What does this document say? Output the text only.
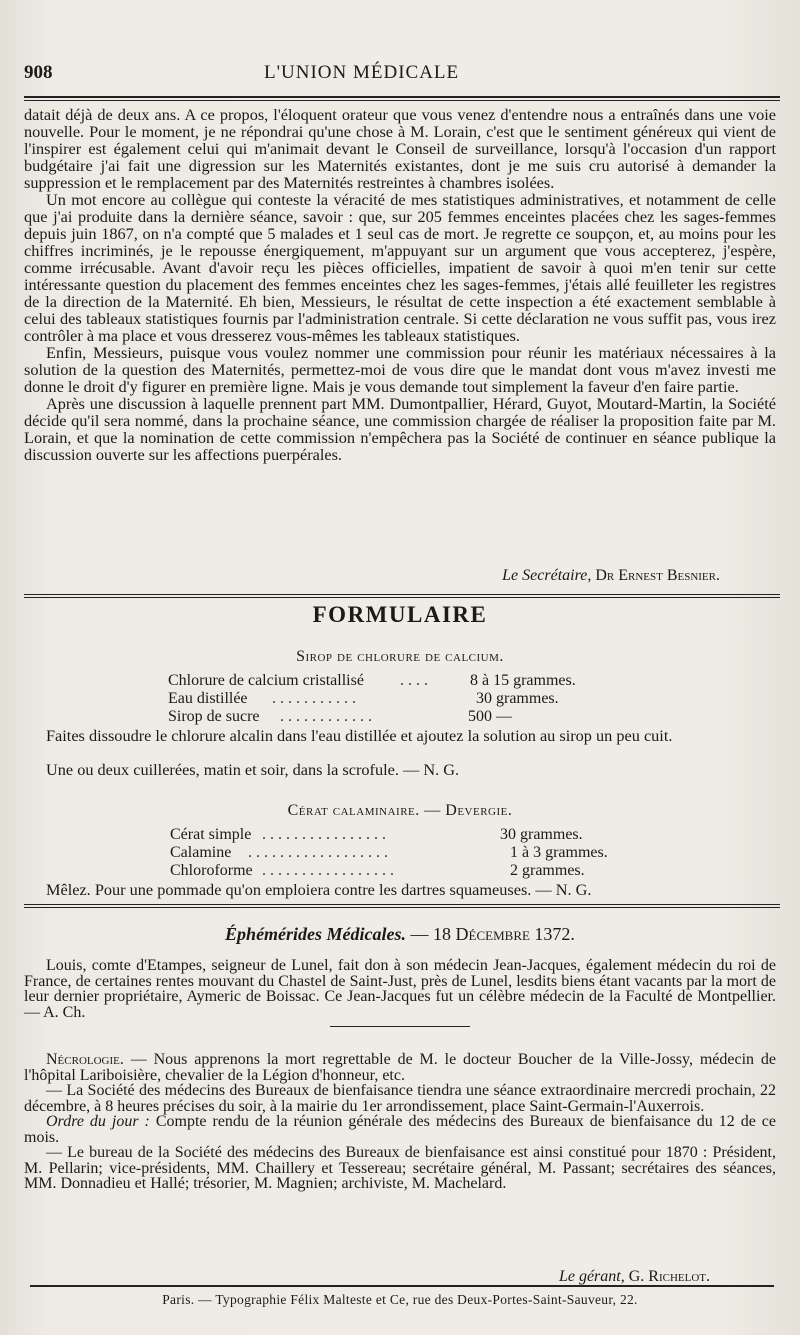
908	L'UNION MÉDICALE

datait déjà de deux ans. A ce propos, l'éloquent orateur que vous venez d'entendre nous a entraînés dans une voie nouvelle. Pour le moment, je ne répondrai qu'une chose à M. Lorain, c'est que le sentiment généreux qui vient de l'inspirer est également celui qui m'animait devant le Conseil de surveillance, lorsqu'à l'occasion d'un rapport budgétaire j'ai fait une digression sur les Maternités existantes, dont je me suis cru autorisé à demander la suppression et le remplacement par des Maternités restreintes à chambres isolées.

Un mot encore au collègue qui conteste la véracité de mes statistiques administratives, et notamment de celle que j'ai produite dans la dernière séance, savoir : que, sur 205 femmes enceintes placées chez les sages-femmes depuis juin 1867, on n'a compté que 5 malades et 1 seul cas de mort. Je regrette ce soupçon, et, au moins pour les chiffres incriminés, je le repousse énergiquement, m'appuyant sur un argument que vous accepterez, j'espère, comme irrécusable. Avant d'avoir reçu les pièces officielles, impatient de savoir à quoi m'en tenir sur cette intéressante question du placement des femmes enceintes chez les sages-femmes, j'étais allé feuilleter les registres de la direction de la Maternité. Eh bien, Messieurs, le résultat de cette inspection a été exactement semblable à celui des tableaux statistiques fournis par l'administration centrale. Si cette déclaration ne vous suffit pas, vous irez contrôler à ma place et vous dresserez vous-mêmes les tableaux statistiques.

Enfin, Messieurs, puisque vous voulez nommer une commission pour réunir les matériaux nécessaires à la solution de la question des Maternités, permettez-moi de vous dire que le mandat dont vous m'avez investi me donne le droit d'y figurer en première ligne. Mais je vous demande tout simplement la faveur d'en faire partie.

Après une discussion à laquelle prennent part MM. Dumontpallier, Hérard, Guyot, Moutard-Martin, la Société décide qu'il sera nommé, dans la prochaine séance, une commission chargée de réaliser la proposition faite par M. Lorain, et que la nomination de cette commission n'empêchera pas la Société de continuer en séance publique la discussion ouverte sur les affections puerpérales.

Le Secrétaire, Dr Ernest Besnier.
FORMULAIRE
Sirop de chlorure de calcium.
Chlorure de calcium cristallisé . . . .	8 à 15 grammes.
Eau distillée . . . . . . . . . . .	30 grammes.
Sirop de sucre . . . . . . . . . . . .	500 —
Faites dissoudre le chlorure alcalin dans l'eau distillée et ajoutez la solution au sirop un peu cuit.
Une ou deux cuillerées, matin et soir, dans la scrofule. — N. G.
Cérat calaminaire. — Devergie.
Cérat simple . . . . . . . . . . . . . . . .	30 grammes.
Calamine . . . . . . . . . . . . . . . . . .	1 à 3 grammes.
Chloroforme . . . . . . . . . . . . . . . . .	2 grammes.
Mêlez. Pour une pommade qu'on emploiera contre les dartres squameuses. — N. G.
Éphémérides Médicales. — 18 Décembre 1372.
Louis, comte d'Etampes, seigneur de Lunel, fait don à son médecin Jean-Jacques, également médecin du roi de France, de certaines rentes mouvant du Chastel de Saint-Just, près de Lunel, lesdits biens étant vacants par la mort de leur dernier propriétaire, Aymeric de Boissac. Ce Jean-Jacques fut un célèbre médecin de la Faculté de Montpellier. — A. Ch.

Nécrologie. — Nous apprenons la mort regrettable de M. le docteur Boucher de la Ville-Jossy, médecin de l'hôpital Lariboisière, chevalier de la Légion d'honneur, etc.

— La Société des médecins des Bureaux de bienfaisance tiendra une séance extraordinaire mercredi prochain, 22 décembre, à 8 heures précises du soir, à la mairie du 1er arrondissement, place Saint-Germain-l'Auxerrois.

Ordre du jour : Compte rendu de la réunion générale des médecins des Bureaux de bienfaisance du 12 de ce mois.

— Le bureau de la Société des médecins des Bureaux de bienfaisance est ainsi constitué pour 1870 : Président, M. Pellarin; vice-présidents, MM. Chaillery et Tessereau; secrétaire général, M. Passant; secrétaires des séances, MM. Donnadieu et Hallé; trésorier, M. Magnien; archiviste, M. Machelard.

Le gérant, G. Richelot.
Paris. — Typographie Félix Malteste et Ce, rue des Deux-Portes-Saint-Sauveur, 22.
